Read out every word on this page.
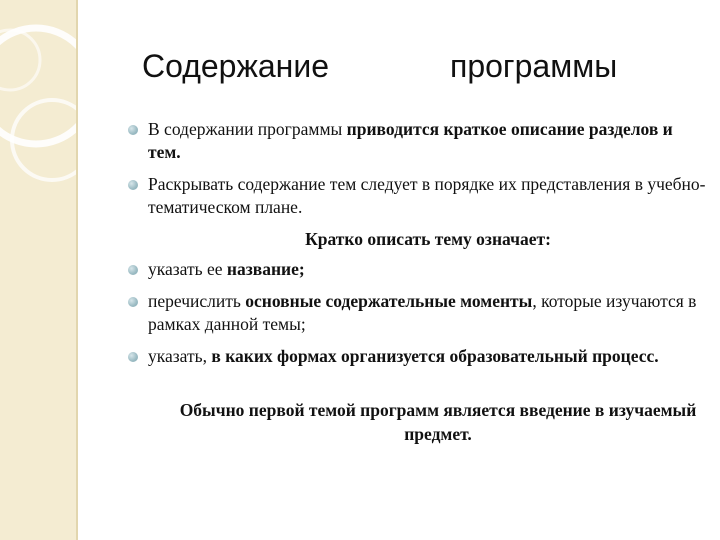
Содержание	программы
В содержании программы приводится краткое описание разделов и тем.
Раскрывать содержание тем следует в порядке их представления в учебно-тематическом плане.
Кратко описать тему означает:
указать ее название;
перечислить основные содержательные моменты, которые изучаются в рамках данной темы;
указать, в каких формах организуется образовательный процесс.
Обычно первой темой программ является введение в изучаемый предмет.
